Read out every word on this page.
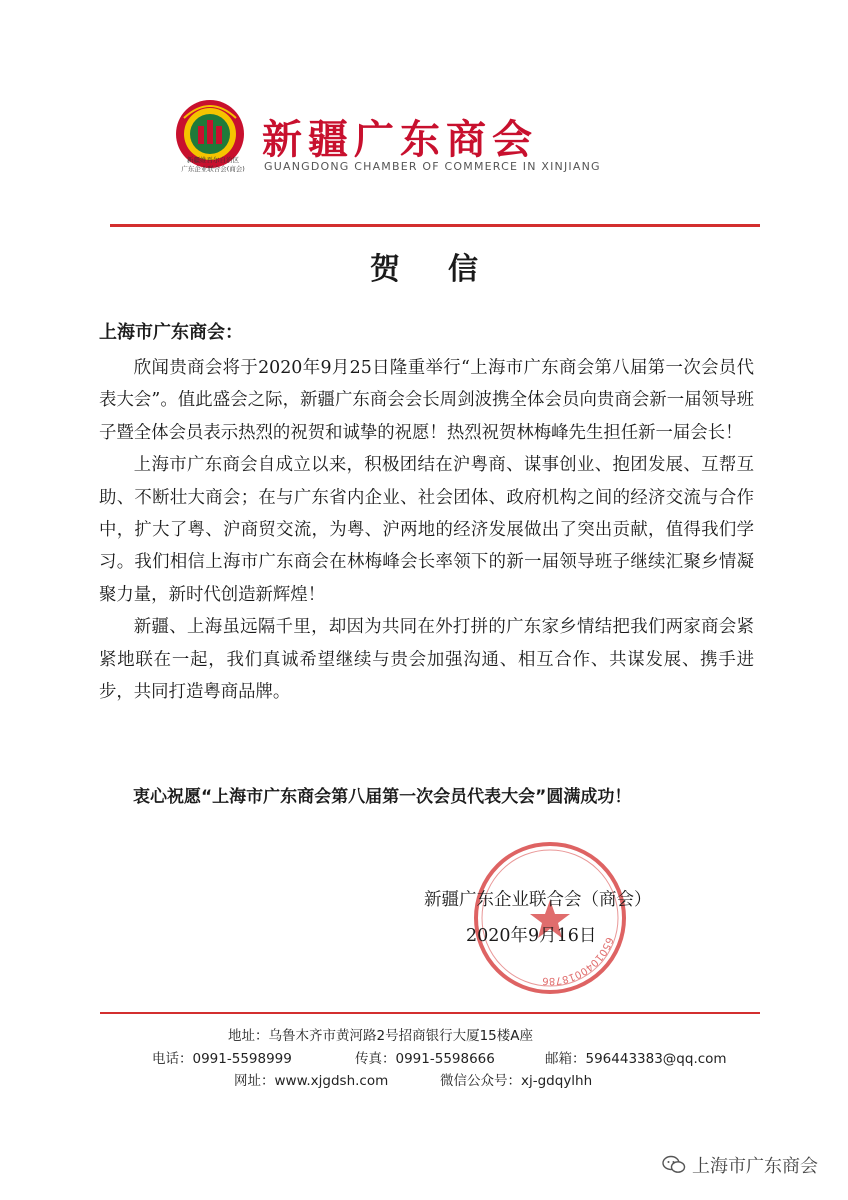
新疆维吾尔自治区
广东企业联合会(商会)
新疆广东商会
GUANGDONG CHAMBER OF COMMERCE IN XINJIANG
贺信
上海市广东商会：

欣闻贵商会将于2020年9月25日隆重举行“上海市广东商会第八届第一次会员代表大会”。值此盛会之际，新疆广东商会会长周剑波携全体会员向贵商会新一届领导班子暨全体会员表示热烈的祝贺和诚挚的祝愿！热烈祝贺林梅峰先生担任新一届会长！

上海市广东商会自成立以来，积极团结在沪粤商、谋事创业、抱团发展、互帮互助、不断壮大商会；在与广东省内企业、社会团体、政府机构之间的经济交流与合作中，扩大了粤、沪商贸交流，为粤、沪两地的经济发展做出了突出贡献，值得我们学习。我们相信上海市广东商会在林梅峰会长率领下的新一届领导班子继续汇聚乡情凝聚力量，新时代创造新辉煌！

新疆、上海虽远隔千里，却因为共同在外打拼的广东家乡情结把我们两家商会紧紧地联在一起，我们真诚希望继续与贵会加强沟通、相互合作、共谋发展、携手进步，共同打造粤商品牌。

衷心祝愿“上海市广东商会第八届第一次会员代表大会”圆满成功！
6501040018786
新疆广东企业联合会（商会）
2020年9月16日
地址：乌鲁木齐市黄河路2号招商银行大厦15楼A座
电话：0991-5598999	传真：0991-5598666	邮箱：596443383@qq.com
网址：www.xjgdsh.com	微信公众号：xj-gdqylhh
上海市广东商会
